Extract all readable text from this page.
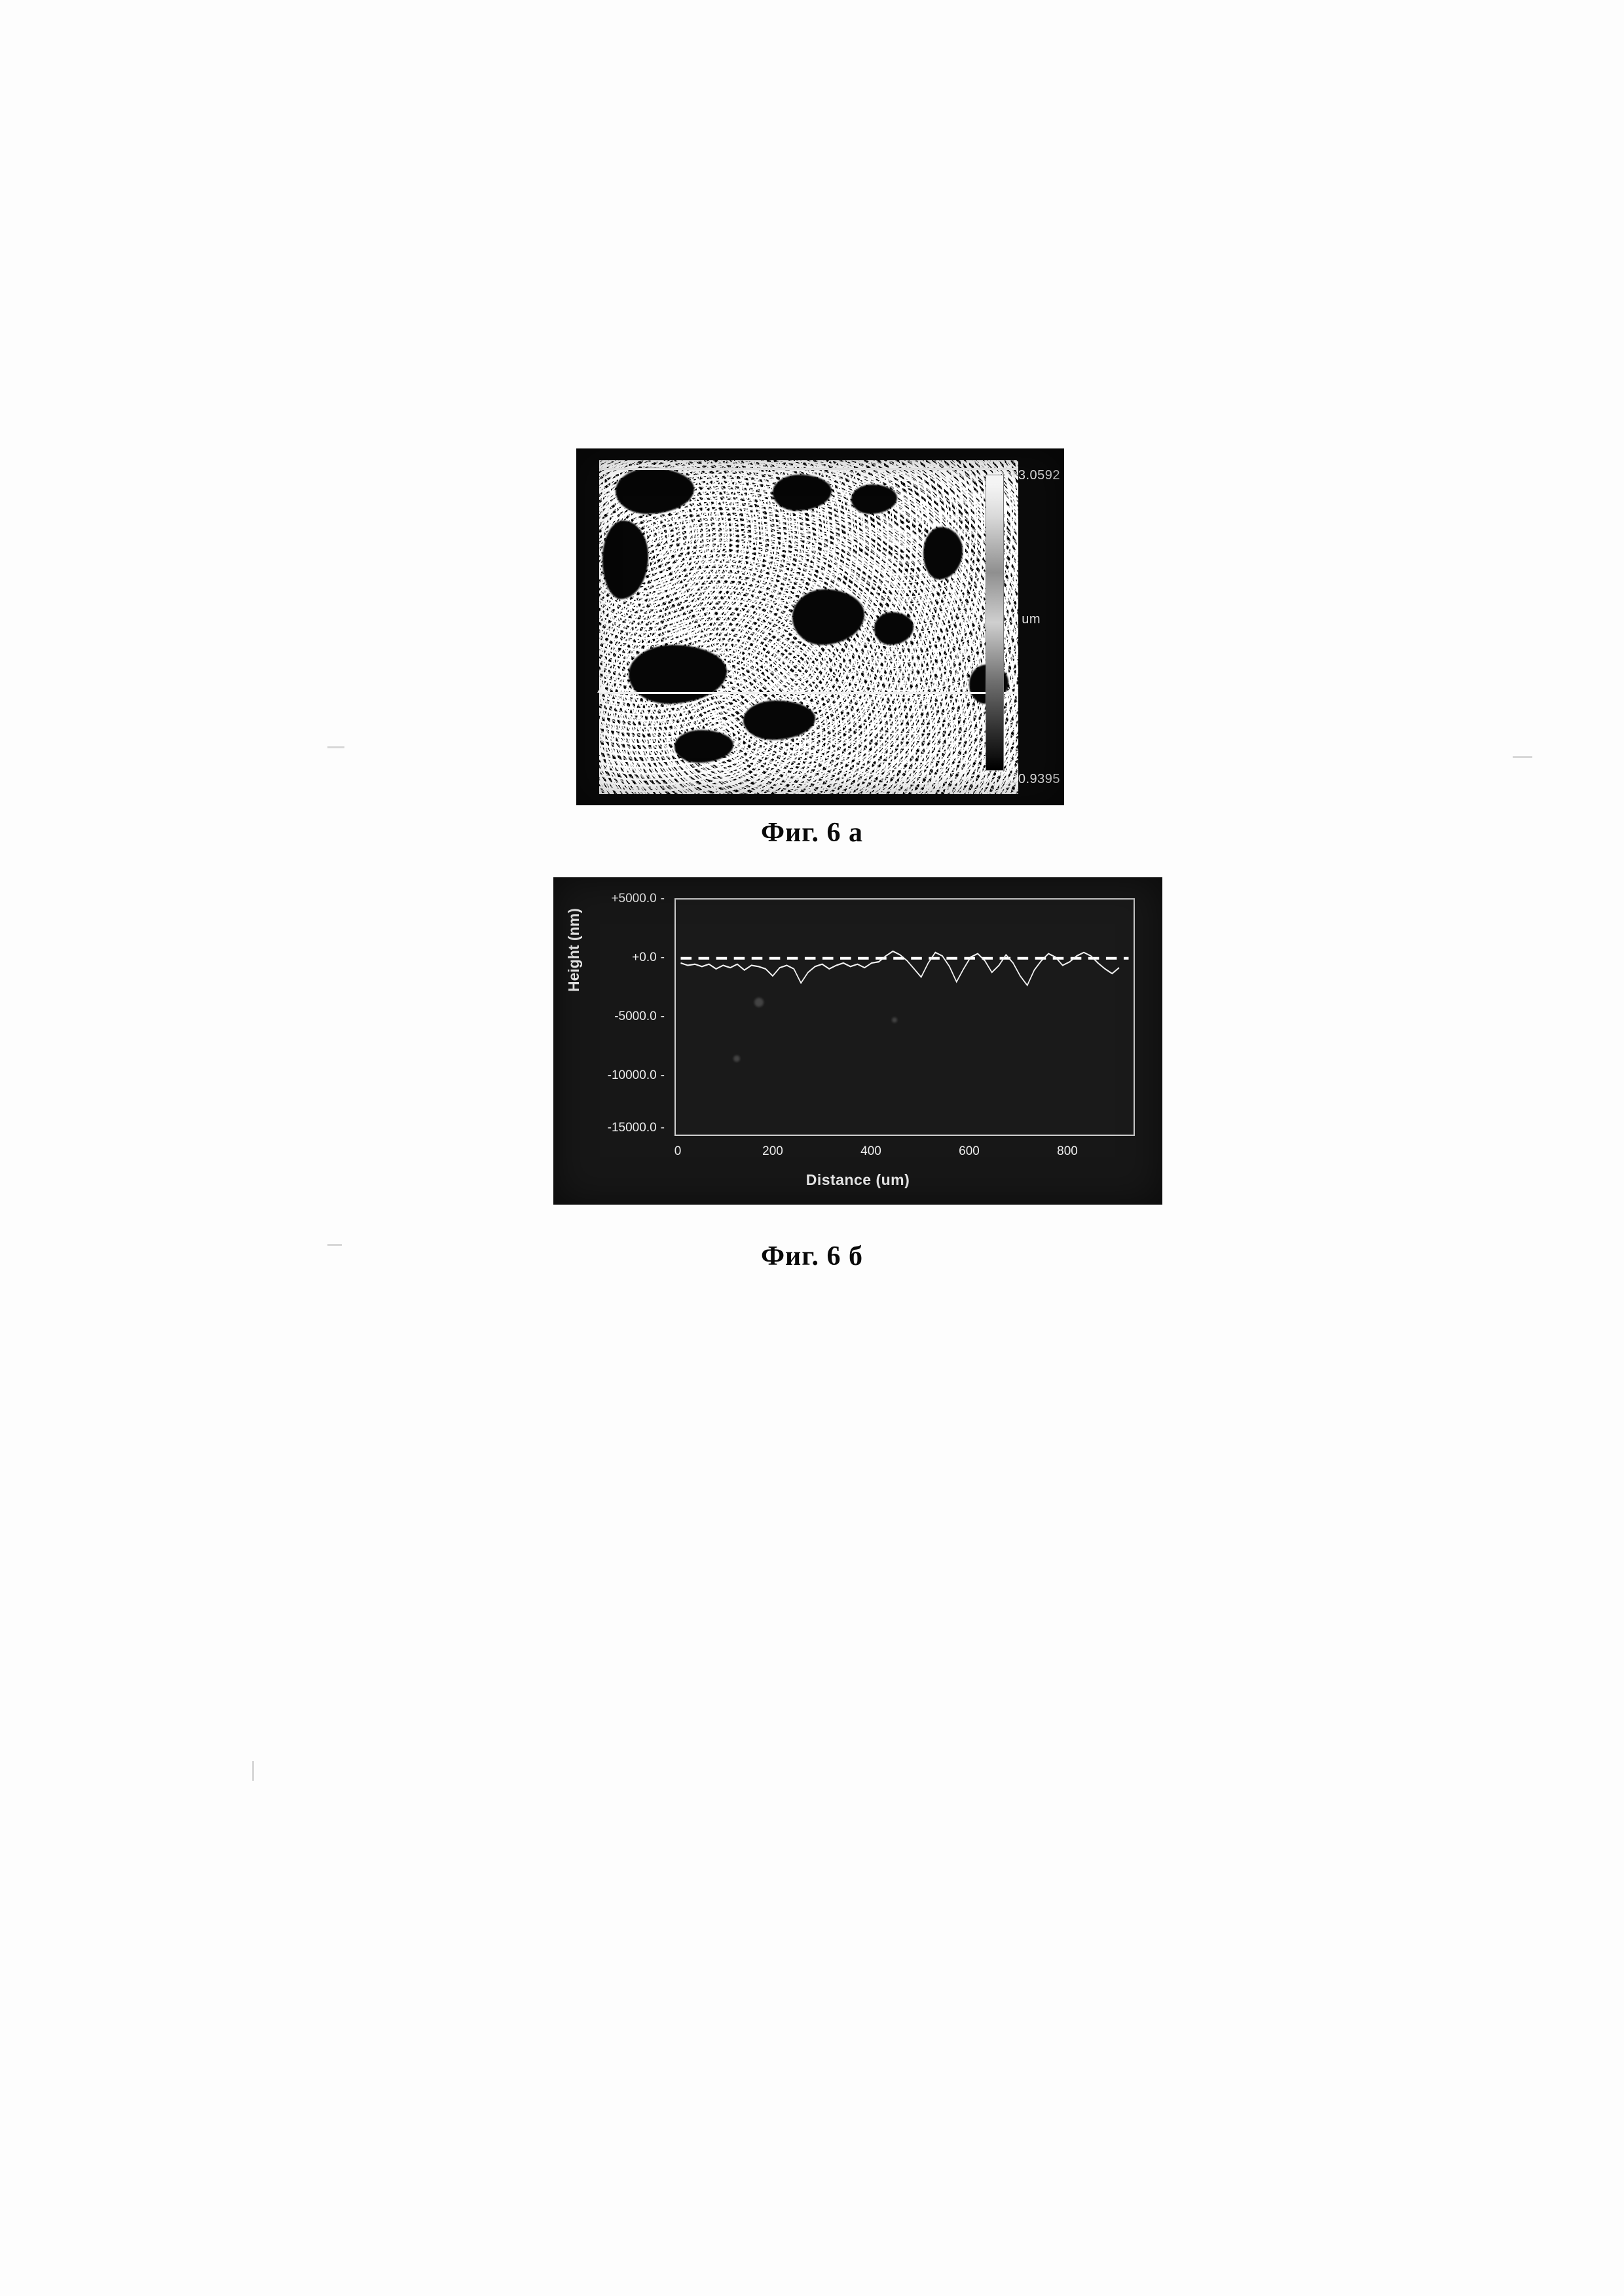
+3.0592
um
-20.9395
Фиг. 6 а
+5000.0 -
+0.0 -
-5000.0 -
-10000.0 -
-15000.0 -
0	200	400	600	800
Distance (um)
Height (nm)
Фиг. 6 б
